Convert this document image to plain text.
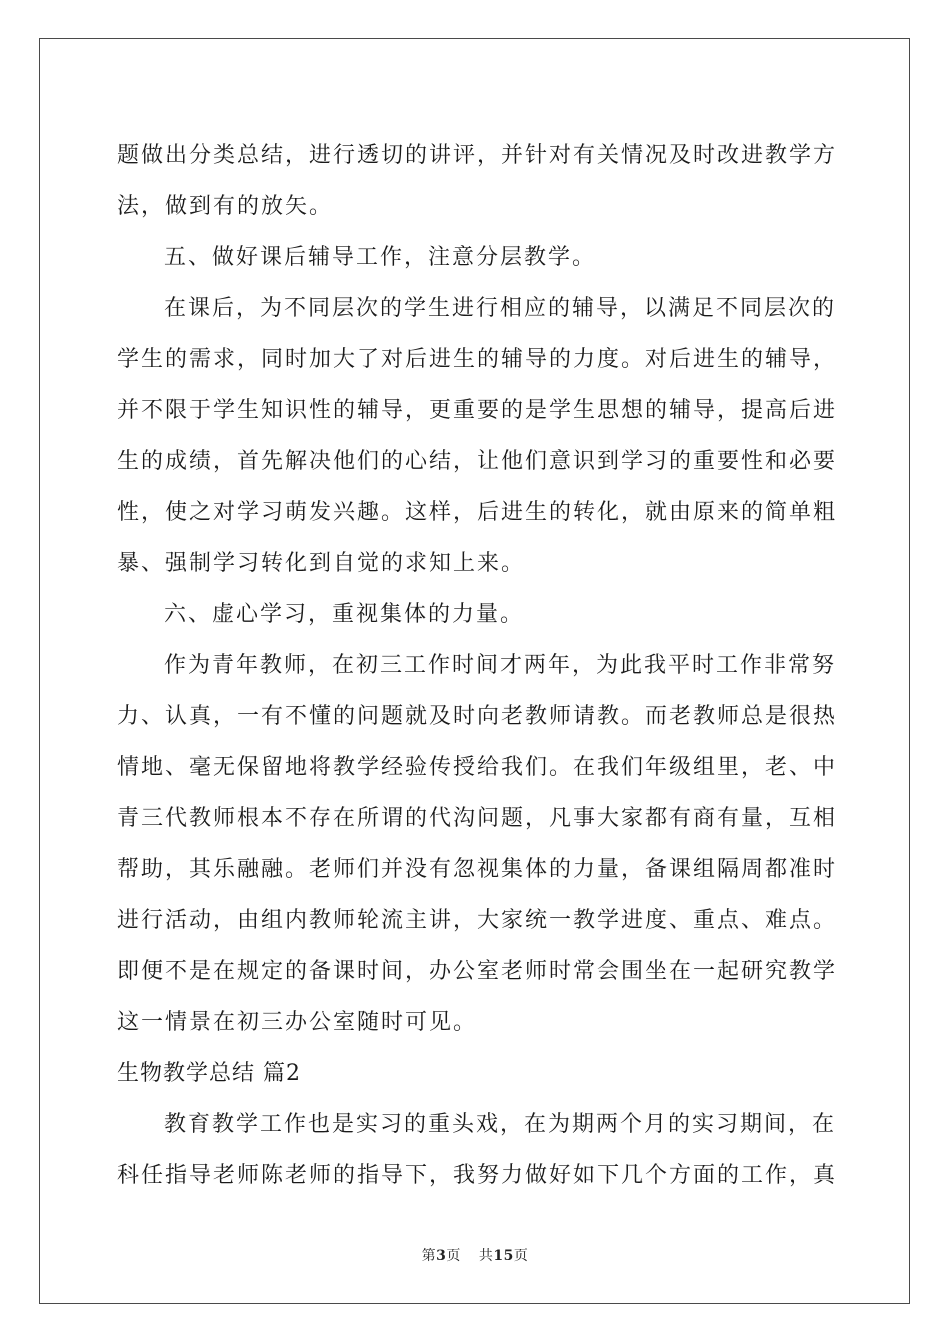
题做出分类总结，进行透切的讲评，并针对有关情况及时改进教学方
法，做到有的放矢。
五、做好课后辅导工作，注意分层教学。
在课后，为不同层次的学生进行相应的辅导，以满足不同层次的
学生的需求，同时加大了对后进生的辅导的力度。对后进生的辅导，
并不限于学生知识性的辅导，更重要的是学生思想的辅导，提高后进
生的成绩，首先解决他们的心结，让他们意识到学习的重要性和必要
性，使之对学习萌发兴趣。这样，后进生的转化，就由原来的简单粗
暴、强制学习转化到自觉的求知上来。
六、虚心学习，重视集体的力量。
作为青年教师，在初三工作时间才两年，为此我平时工作非常努
力、认真，一有不懂的问题就及时向老教师请教。而老教师总是很热
情地、毫无保留地将教学经验传授给我们。在我们年级组里，老、中
青三代教师根本不存在所谓的代沟问题，凡事大家都有商有量，互相
帮助，其乐融融。老师们并没有忽视集体的力量，备课组隔周都准时
进行活动，由组内教师轮流主讲，大家统一教学进度、重点、难点。
即便不是在规定的备课时间，办公室老师时常会围坐在一起研究教学
这一情景在初三办公室随时可见。
生物教学总结 篇2
教育教学工作也是实习的重头戏，在为期两个月的实习期间，在
科任指导老师陈老师的指导下，我努力做好如下几个方面的工作，真
第3页 共15页
